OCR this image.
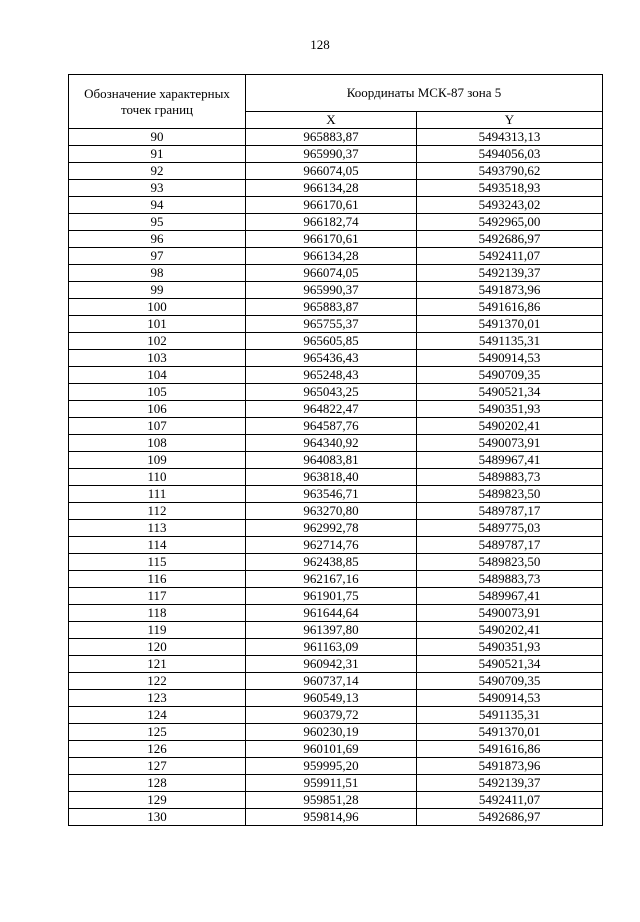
128
Обозначение характерных точек границ	Координаты МСК-87 зона 5	
	X	Y
90	965883,87	5494313,13
91	965990,37	5494056,03
92	966074,05	5493790,62
93	966134,28	5493518,93
94	966170,61	5493243,02
95	966182,74	5492965,00
96	966170,61	5492686,97
97	966134,28	5492411,07
98	966074,05	5492139,37
99	965990,37	5491873,96
100	965883,87	5491616,86
101	965755,37	5491370,01
102	965605,85	5491135,31
103	965436,43	5490914,53
104	965248,43	5490709,35
105	965043,25	5490521,34
106	964822,47	5490351,93
107	964587,76	5490202,41
108	964340,92	5490073,91
109	964083,81	5489967,41
110	963818,40	5489883,73
111	963546,71	5489823,50
112	963270,80	5489787,17
113	962992,78	5489775,03
114	962714,76	5489787,17
115	962438,85	5489823,50
116	962167,16	5489883,73
117	961901,75	5489967,41
118	961644,64	5490073,91
119	961397,80	5490202,41
120	961163,09	5490351,93
121	960942,31	5490521,34
122	960737,14	5490709,35
123	960549,13	5490914,53
124	960379,72	5491135,31
125	960230,19	5491370,01
126	960101,69	5491616,86
127	959995,20	5491873,96
128	959911,51	5492139,37
129	959851,28	5492411,07
130	959814,96	5492686,97
